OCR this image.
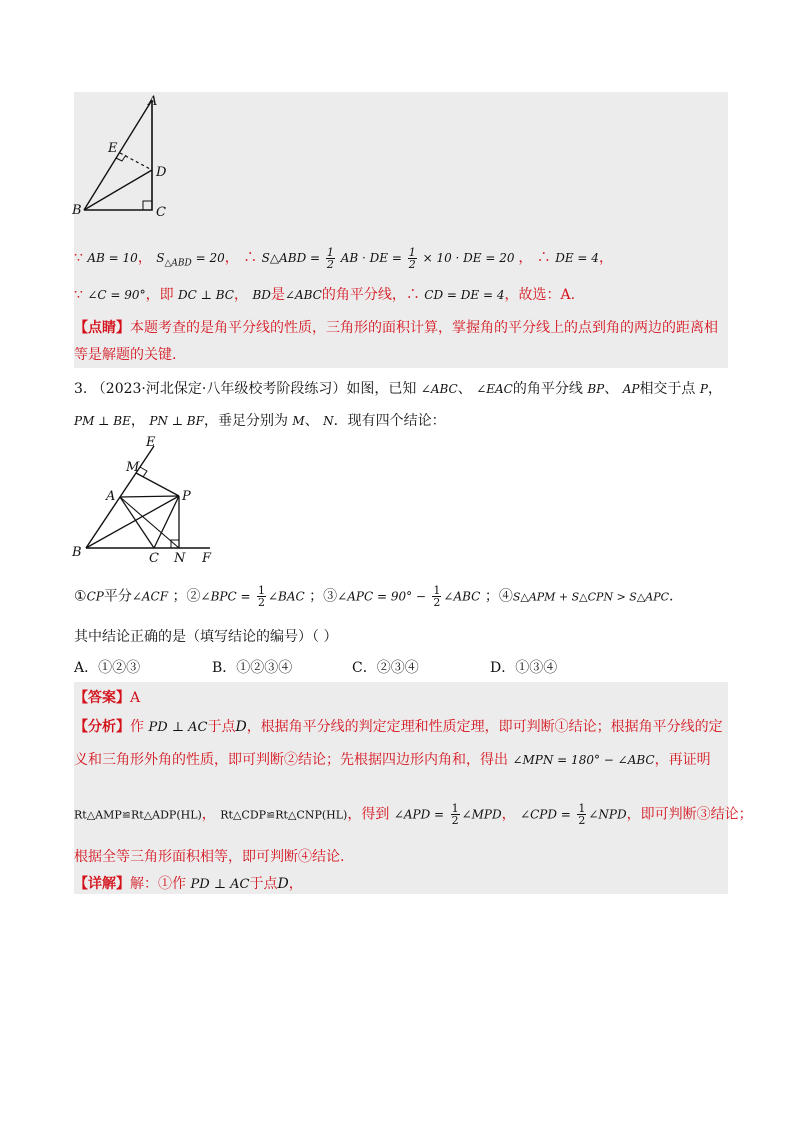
A
E
D
B	C
∵ AB = 10， $S_{\triangle ABD} = 20$， ∴ S△ABD = $\frac{1}{2}$ AB · DE = $\frac{1}{2} \times 10$ · DE = 20 ， ∴ DE = 4，
∵ ∠C = 90°，即 DC ⊥ BC， BD是∠ABC的角平分线，∴ CD = DE = 4，故选：A.
【点睛】本题考查的是角平分线的性质，三角形的面积计算，掌握角的平分线上的点到角的两边的距离相
等是解题的关键.
3. （2023·河北保定·八年级校考阶段练习）如图，已知 ∠ABC、 ∠EAC的角平分线 BP、 AP相交于点 P，
PM ⊥ BE， PN ⊥ BF，垂足分别为 M、 N．现有四个结论：
E
M
A	P
B	C N F
①CP平分∠ACF ；②∠BPC = $\frac{1}{2}$ ∠BAC ；③∠APC = $90^\circ - \frac{1}{2}$ ∠ABC ；④S△APM + S△CPN > S△APC.
其中结论正确的是（填写结论的编号）（ ）
A．①②③	B．①②③④	C．②③④	D．①③④
【答案】A
【分析】作 PD ⊥ AC于点D，根据角平分线的判定定理和性质定理，即可判断①结论；根据角平分线的定
义和三角形外角的性质，即可判断②结论；先根据四边形内角和，得出 ∠MPN = 180° − ∠ABC，再证明
Rt△AMP≌Rt△ADP(HL)， Rt△CDP≌Rt△CNP(HL)，得到 ∠APD = $\frac{1}{2}$ ∠MPD， ∠CPD = $\frac{1}{2}$ ∠NPD，即可判断③结论；
根据全等三角形面积相等，即可判断④结论.
【详解】解：①作 PD ⊥ AC于点D，
